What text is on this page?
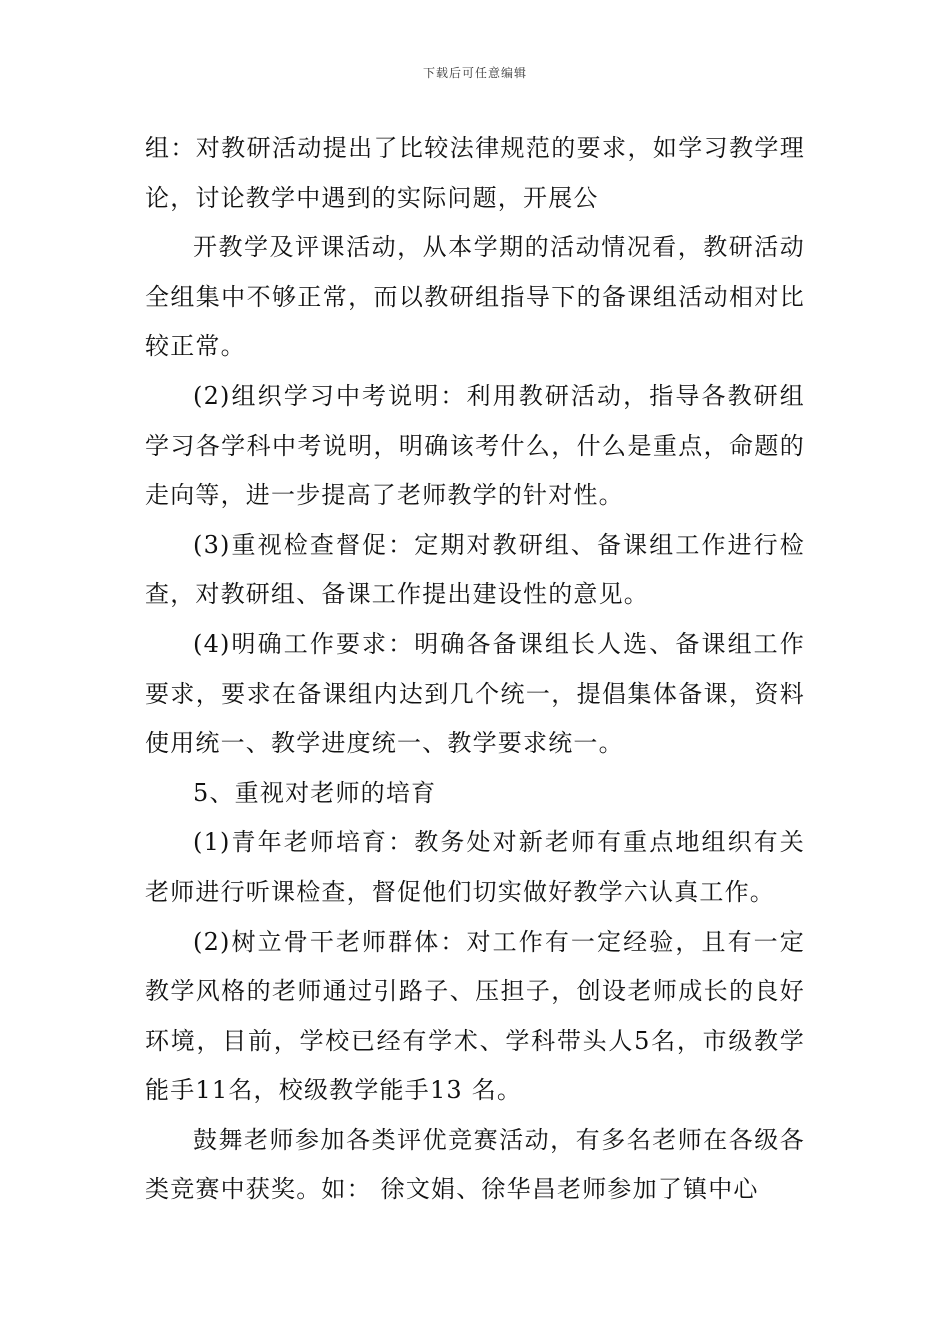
下载后可任意编辑

组：对教研活动提出了比较法律规范的要求，如学习教学理论，讨论教学中遇到的实际问题，开展公

开教学及评课活动，从本学期的活动情况看，教研活动全组集中不够正常，而以教研组指导下的备课组活动相对比较正常。

(2)组织学习中考说明：利用教研活动，指导各教研组学习各学科中考说明，明确该考什么，什么是重点，命题的走向等，进一步提高了老师教学的针对性。

(3)重视检查督促：定期对教研组、备课组工作进行检查，对教研组、备课工作提出建设性的意见。

(4)明确工作要求：明确各备课组长人选、备课组工作要求，要求在备课组内达到几个统一，提倡集体备课，资料使用统一、教学进度统一、教学要求统一。

5、重视对老师的培育

(1)青年老师培育：教务处对新老师有重点地组织有关老师进行听课检查，督促他们切实做好教学六认真工作。

(2)树立骨干老师群体：对工作有一定经验，且有一定教学风格的老师通过引路子、压担子，创设老师成长的良好环境，目前，学校已经有学术、学科带头人5名，市级教学能手11名，校级教学能手13 名。

鼓舞老师参加各类评优竞赛活动，有多名老师在各级各类竞赛中获奖。如： 徐文娟、徐华昌老师参加了镇中心
